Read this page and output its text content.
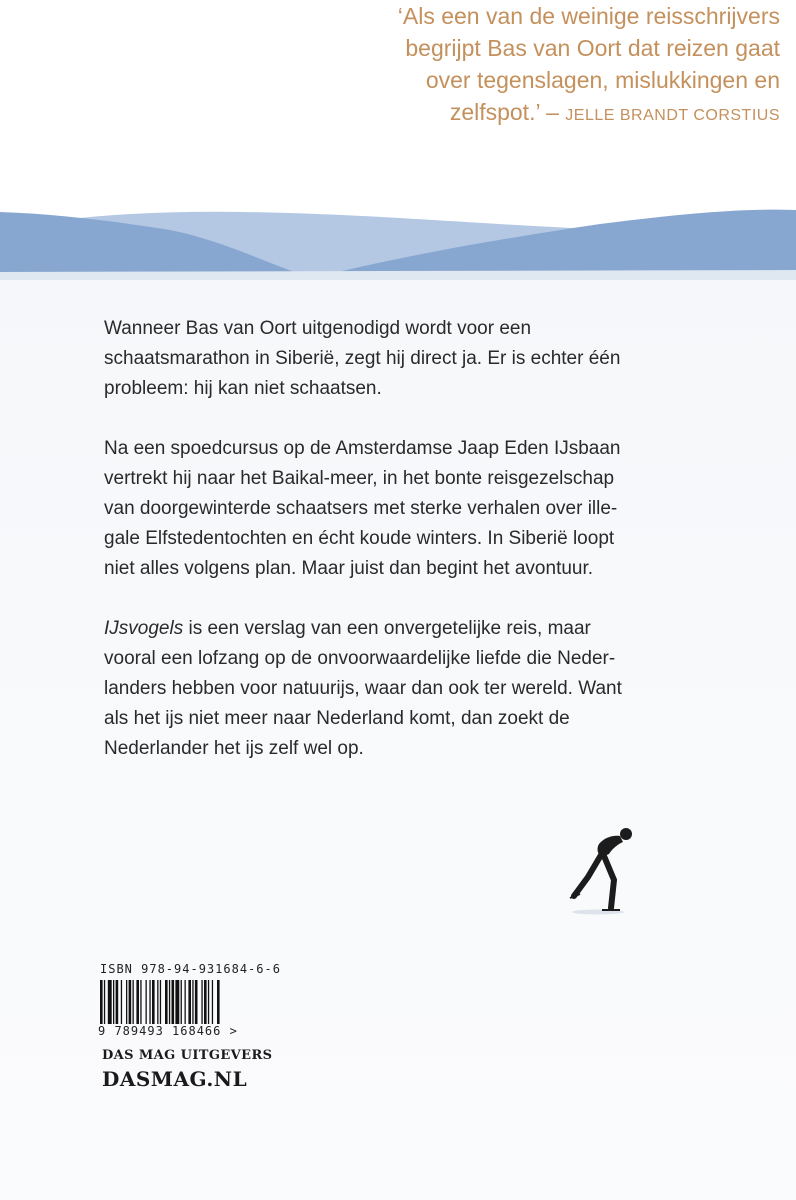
‘Als een van de weinige reisschrijvers
begrijpt Bas van Oort dat reizen gaat
over tegenslagen, mislukkingen en
zelfspot.’ – JELLE BRANDT CORSTIUS

Wanneer Bas van Oort uitgenodigd wordt voor een
schaatsmarathon in Siberië, zegt hij direct ja. Er is echter één
probleem: hij kan niet schaatsen.

Na een spoedcursus op de Amsterdamse Jaap Eden IJsbaan
vertrekt hij naar het Baikal-meer, in het bonte reisgezelschap
van doorgewinterde schaatsers met sterke verhalen over ille-
gale Elfstedentochten en écht koude winters. In Siberië loopt
niet alles volgens plan. Maar juist dan begint het avontuur.

IJsvogels is een verslag van een onvergetelijke reis, maar
vooral een lofzang op de onvoorwaardelijke liefde die Neder-
landers hebben voor natuurijs, waar dan ook ter wereld. Want
als het ijs niet meer naar Nederland komt, dan zoekt de
Nederlander het ijs zelf wel op.

ISBN 978-94-931684-6-6
9 789493 168466 >
DAS MAG UITGEVERS
DASMAG.NL
